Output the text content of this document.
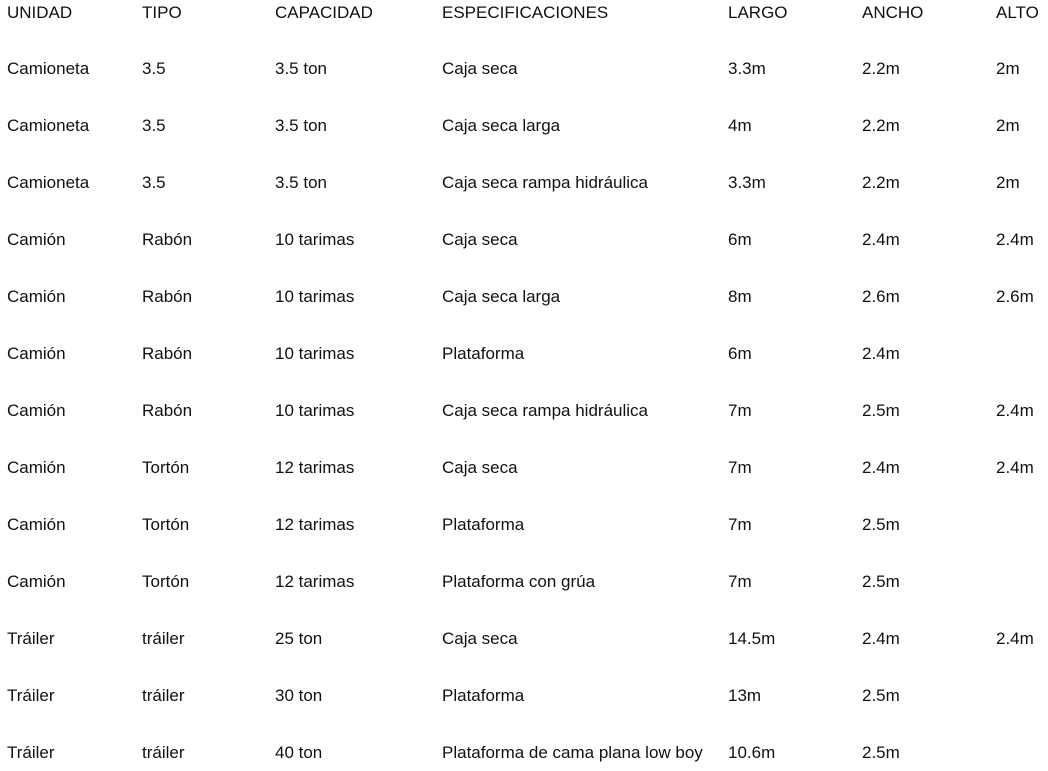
UNIDAD	TIPO	CAPACIDAD	ESPECIFICACIONES	LARGO	ANCHO	ALTO
Camioneta	3.5	3.5 ton	Caja seca	3.3m	2.2m	2m
Camioneta	3.5	3.5 ton	Caja seca larga	4m	2.2m	2m
Camioneta	3.5	3.5 ton	Caja seca rampa hidráulica	3.3m	2.2m	2m
Camión	Rabón	10 tarimas	Caja seca	6m	2.4m	2.4m
Camión	Rabón	10 tarimas	Caja seca larga	8m	2.6m	2.6m
Camión	Rabón	10 tarimas	Plataforma	6m	2.4m	
Camión	Rabón	10 tarimas	Caja seca rampa hidráulica	7m	2.5m	2.4m
Camión	Tortón	12 tarimas	Caja seca	7m	2.4m	2.4m
Camión	Tortón	12 tarimas	Plataforma	7m	2.5m	
Camión	Tortón	12 tarimas	Plataforma con grúa	7m	2.5m	
Tráiler	tráiler	25 ton	Caja seca	14.5m	2.4m	2.4m
Tráiler	tráiler	30 ton	Plataforma	13m	2.5m	
Tráiler	tráiler	40 ton	Plataforma de cama plana low boy	10.6m	2.5m	
